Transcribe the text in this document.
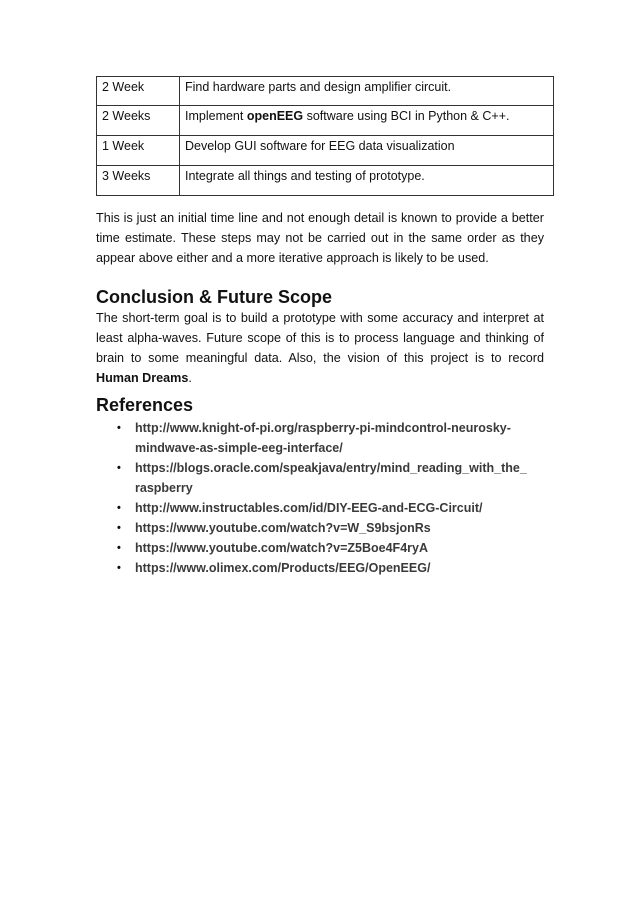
2 Week	Find hardware parts and design amplifier circuit.
2 Weeks	Implement openEEG software using BCI in Python & C++.
1 Week	Develop GUI software for EEG data visualization
3 Weeks	Integrate all things and testing of prototype.

This is just an initial time line and not enough detail is known to provide a better
time estimate. These steps may not be carried out in the same order as they
appear above either and a more iterative approach is likely to be used.

Conclusion & Future Scope

The short-term goal is to build a prototype with some accuracy and interpret at
least alpha-waves. Future scope of this is to process language and thinking of
brain to some meaningful data. Also, the vision of this project is to record
Human Dreams.

References
• http://www.knight-of-pi.org/raspberry-pi-mindcontrol-neurosky-
mindwave-as-simple-eeg-interface/
• https://blogs.oracle.com/speakjava/entry/mind_reading_with_the_
raspberry
• http://www.instructables.com/id/DIY-EEG-and-ECG-Circuit/
• https://www.youtube.com/watch?v=W_S9bsjonRs
• https://www.youtube.com/watch?v=Z5Boe4F4ryA
• https://www.olimex.com/Products/EEG/OpenEEG/
